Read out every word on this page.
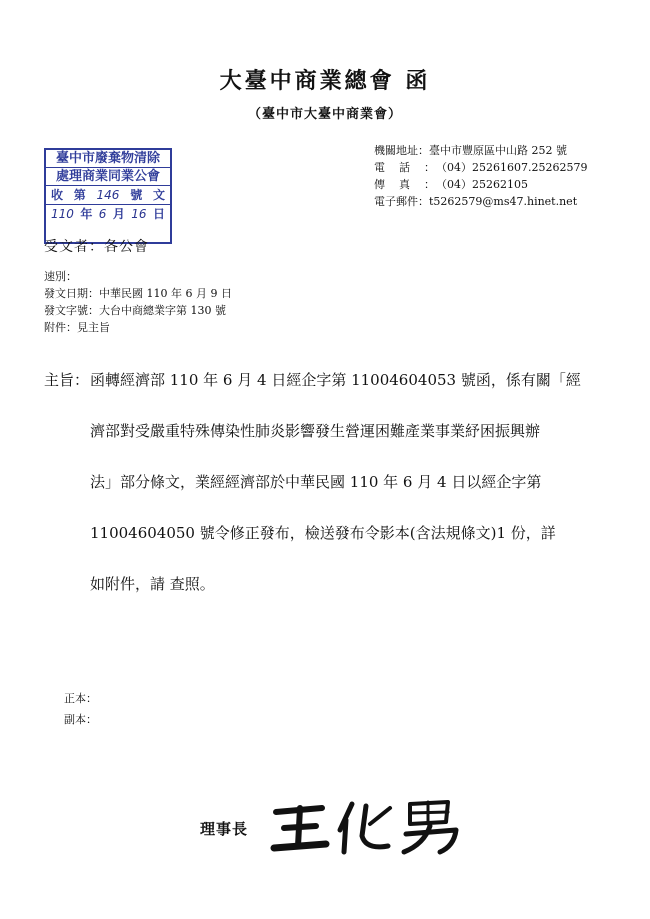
大臺中商業總會 函
（臺中市大臺中商業會）
臺中市廢棄物清除
處理商業同業公會
收 第 146 號 文
110 年 6 月 16 日
機關地址：臺中市豐原區中山路 252 號
電話：（04）25261607.25262579
傳真：（04）25262105
電子郵件：t5262579@ms47.hinet.net
受文者：各公會
速別：
發文日期：中華民國 110 年 6 月 9 日
發文字號：大台中商總業字第 130 號
附件：見主旨
主旨： 函轉經濟部 110 年 6 月 4 日經企字第 11004604053 號函，係有關「經
濟部對受嚴重特殊傳染性肺炎影響發生營運困難產業事業紓困振興辦
法」部分條文，業經經濟部於中華民國 110 年 6 月 4 日以經企字第
11004604050 號令修正發布，檢送發布令影本(含法規條文)1 份，詳
如附件，請 查照。
正本：
副本：
理事長
